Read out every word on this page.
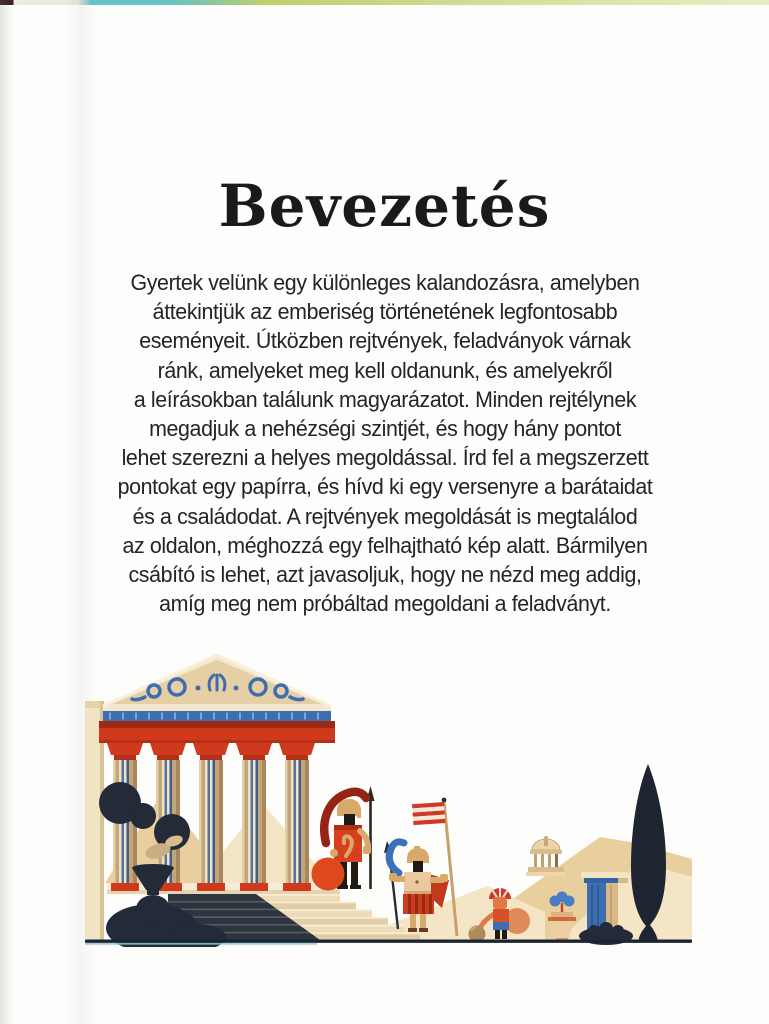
Bevezetés
Gyertek velünk egy különleges kalandozásra, amelyben
áttekintjük az emberiség történetének legfontosabb
eseményeit. Útközben rejtvények, feladványok várnak
ránk, amelyeket meg kell oldanunk, és amelyekről
a leírásokban találunk magyarázatot. Minden rejtélynek
megadjuk a nehézségi szintjét, és hogy hány pontot
lehet szerezni a helyes megoldással. Írd fel a megszerzett
pontokat egy papírra, és hívd ki egy versenyre a barátaidat
és a családodat. A rejtvények megoldását is megtalálod
az oldalon, méghozzá egy felhajtható kép alatt. Bármilyen
csábító is lehet, azt javasoljuk, hogy ne nézd meg addig,
amíg meg nem próbáltad megoldani a feladványt.
